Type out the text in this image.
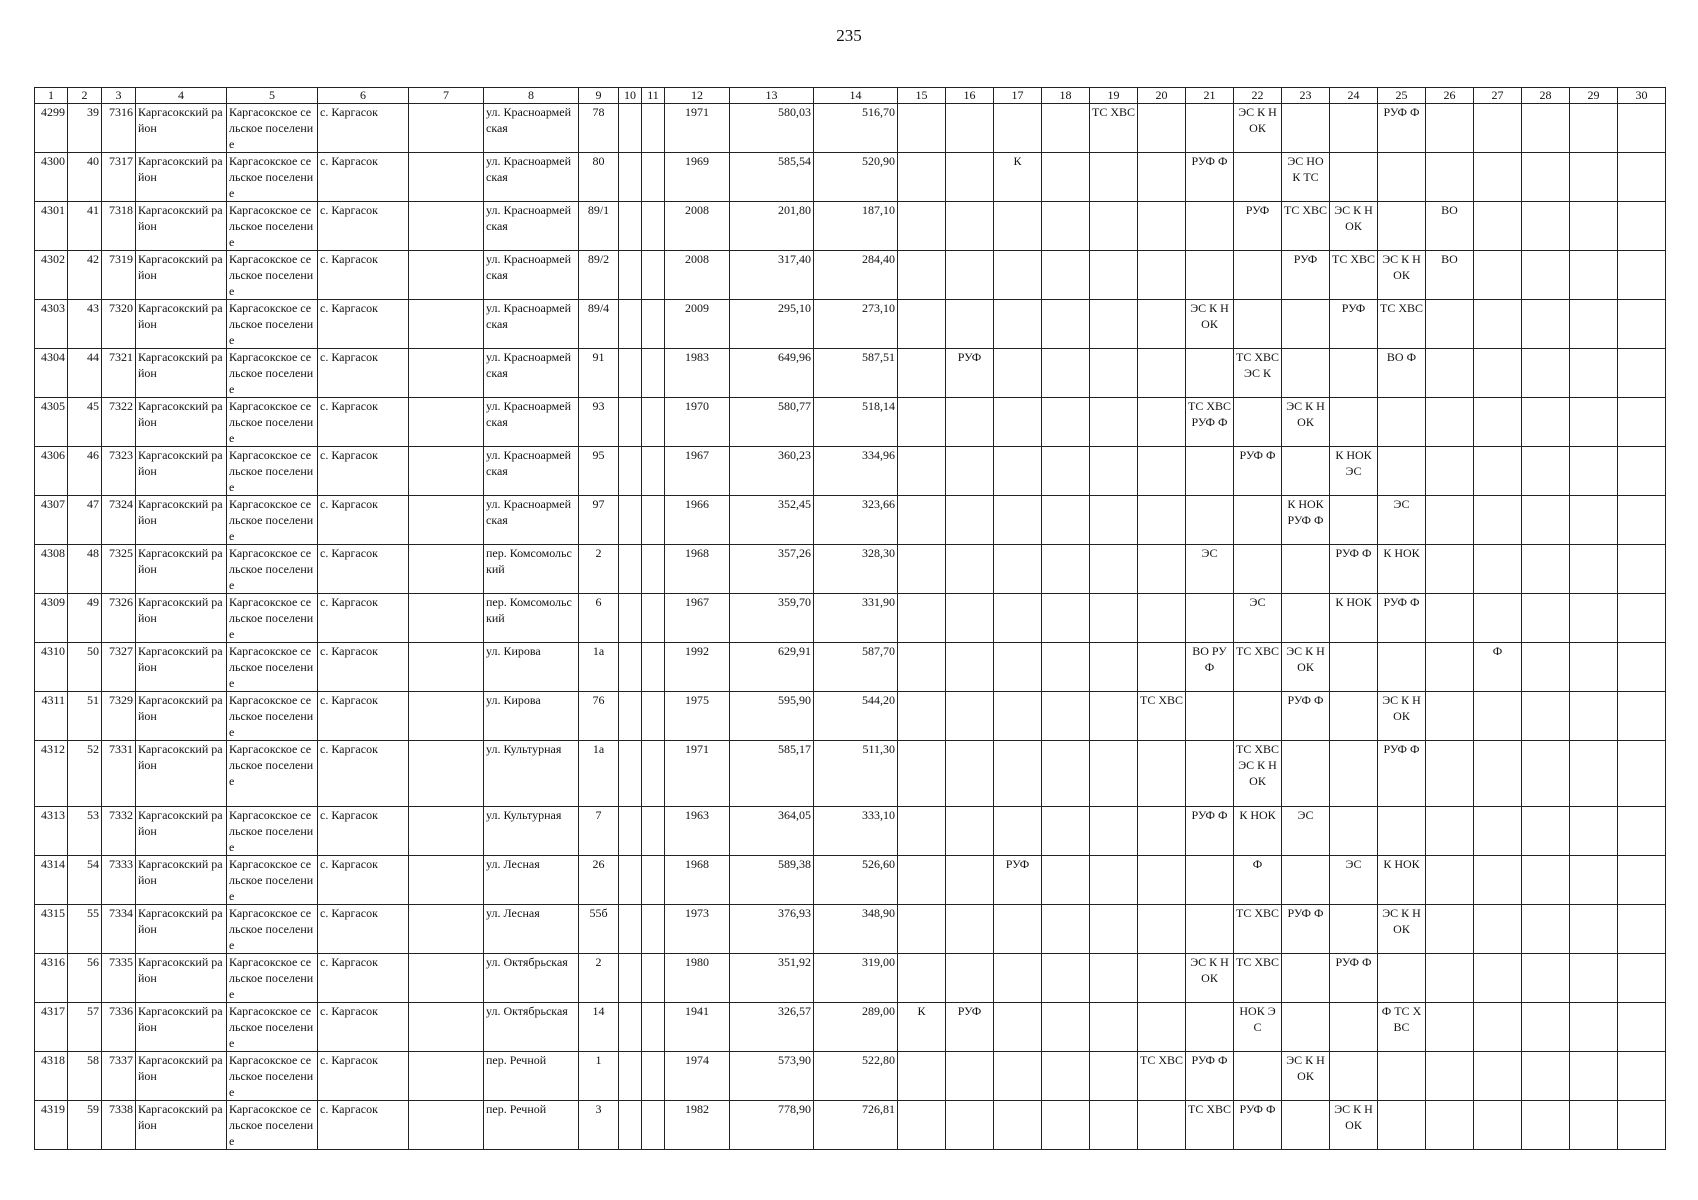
235
1	2	3	4	5	6	7	8	9	10	11	12	13	14	15	16	17	18	19	20	21	22	23	24	25	26	27	28	29	30
4299	39	7316	Каргасокский район	Каргасокское сельское поселение	с. Каргасок		ул. Красноармейская	78			1971	580,03	516,70					ТС ХВС			ЭС К НОК			РУФ Ф					
4300	40	7317	Каргасокский район	Каргасокское сельское поселение	с. Каргасок		ул. Красноармейская	80			1969	585,54	520,90			К				РУФ Ф		ЭС НОК ТС							
4301	41	7318	Каргасокский район	Каргасокское сельское поселение	с. Каргасок		ул. Красноармейская	89/1			2008	201,80	187,10								РУФ	ТС ХВС	ЭС К НОК		ВО				
4302	42	7319	Каргасокский район	Каргасокское сельское поселение	с. Каргасок		ул. Красноармейская	89/2			2008	317,40	284,40									РУФ	ТС ХВС	ЭС К НОК	ВО				
4303	43	7320	Каргасокский район	Каргасокское сельское поселение	с. Каргасок		ул. Красноармейская	89/4			2009	295,10	273,10							ЭС К НОК			РУФ	ТС ХВС					
4304	44	7321	Каргасокский район	Каргасокское сельское поселение	с. Каргасок		ул. Красноармейская	91			1983	649,96	587,51		РУФ						ТС ХВС ЭС К			ВО Ф					
4305	45	7322	Каргасокский район	Каргасокское сельское поселение	с. Каргасок		ул. Красноармейская	93			1970	580,77	518,14							ТС ХВС РУФ Ф		ЭС К НОК							
4306	46	7323	Каргасокский район	Каргасокское сельское поселение	с. Каргасок		ул. Красноармейская	95			1967	360,23	334,96								РУФ Ф		К НОК ЭС						
4307	47	7324	Каргасокский район	Каргасокское сельское поселение	с. Каргасок		ул. Красноармейская	97			1966	352,45	323,66									К НОК РУФ Ф		ЭС					
4308	48	7325	Каргасокский район	Каргасокское сельское поселение	с. Каргасок		пер. Комсомольский	2			1968	357,26	328,30							ЭС			РУФ Ф	К НОК					
4309	49	7326	Каргасокский район	Каргасокское сельское поселение	с. Каргасок		пер. Комсомольский	6			1967	359,70	331,90								ЭС		К НОК	РУФ Ф					
4310	50	7327	Каргасокский район	Каргасокское сельское поселение	с. Каргасок		ул. Кирова	1а			1992	629,91	587,70							ВО РУФ	ТС ХВС	ЭС К НОК				Ф			
4311	51	7329	Каргасокский район	Каргасокское сельское поселение	с. Каргасок		ул. Кирова	76			1975	595,90	544,20						ТС ХВС			РУФ Ф		ЭС К НОК					
4312	52	7331	Каргасокский район	Каргасокское сельское поселение	с. Каргасок		ул. Культурная	1а			1971	585,17	511,30								ТС ХВС ЭС К НОК			РУФ Ф					
4313	53	7332	Каргасокский район	Каргасокское сельское поселение	с. Каргасок		ул. Культурная	7			1963	364,05	333,10							РУФ Ф	К НОК	ЭС							
4314	54	7333	Каргасокский район	Каргасокское сельское поселение	с. Каргасок		ул. Лесная	26			1968	589,38	526,60			РУФ					Ф		ЭС	К НОК					
4315	55	7334	Каргасокский район	Каргасокское сельское поселение	с. Каргасок		ул. Лесная	55б			1973	376,93	348,90								ТС ХВС	РУФ Ф		ЭС К НОК					
4316	56	7335	Каргасокский район	Каргасокское сельское поселение	с. Каргасок		ул. Октябрьская	2			1980	351,92	319,00							ЭС К НОК	ТС ХВС		РУФ Ф						
4317	57	7336	Каргасокский район	Каргасокское сельское поселение	с. Каргасок		ул. Октябрьская	14			1941	326,57	289,00	К	РУФ						НОК ЭС			Ф ТС ХВС					
4318	58	7337	Каргасокский район	Каргасокское сельское поселение	с. Каргасок		пер. Речной	1			1974	573,90	522,80						ТС ХВС	РУФ Ф		ЭС К НОК							
4319	59	7338	Каргасокский район	Каргасокское сельское поселение	с. Каргасок		пер. Речной	3			1982	778,90	726,81							ТС ХВС	РУФ Ф		ЭС К НОК						
